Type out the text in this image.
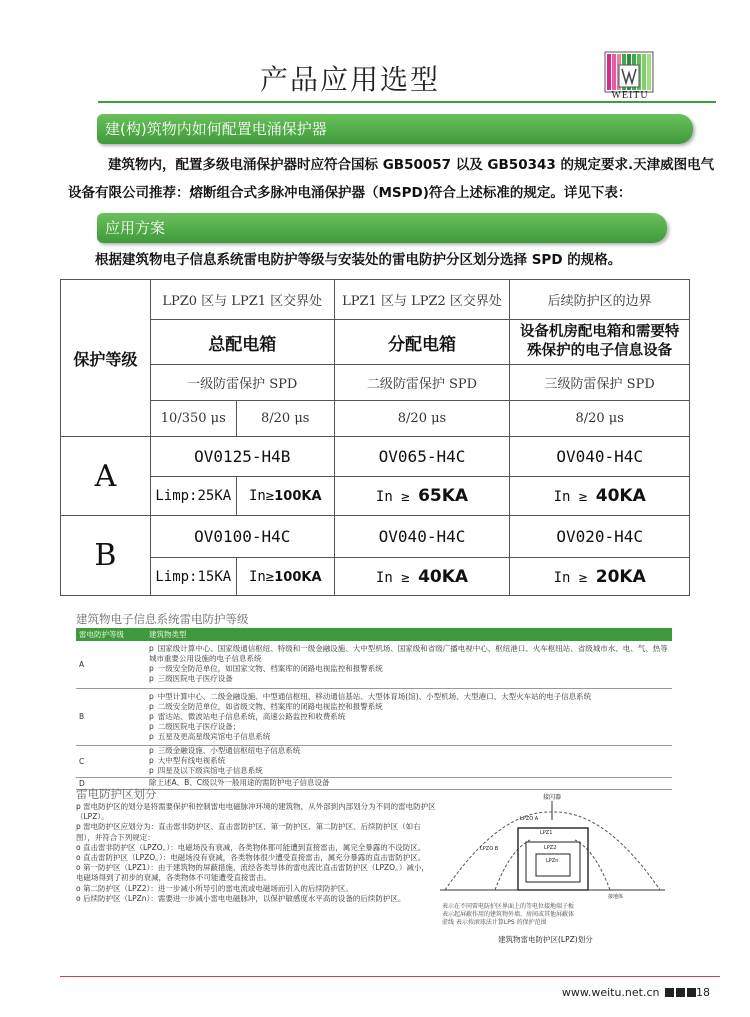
产品应用选型	WEITU
建(构)筑物内如何配置电涌保护器
建筑物内，配置多级电涌保护器时应符合国标 GB50057 以及 GB50343 的规定要求.天津威图电气设备有限公司推荐：熔断组合式多脉冲电涌保护器（MSPD)符合上述标准的规定。详见下表：
应用方案
根据建筑物电子信息系统雷电防护等级与安装处的雷电防护分区划分选择 SPD 的规格。
保护等级	LPZ0 区与 LPZ1 区交界处		LPZ1 区与 LPZ2 区交界处	后续防护区的边界
	总配电箱		分配电箱	设备机房配电箱和需要特殊保护的电子信息设备
	一级防雷保护 SPD		二级防雷保护 SPD	三级防雷保护 SPD
	10/350 μs	8/20 μs	8/20 μs	8/20 μs
A	OV0125-H4B		OV065-H4C	OV040-H4C
	Limp:25KA	In≥100KA	In ≥ 65KA	In ≥ 40KA
B	OV0100-H4C		OV040-H4C	OV020-H4C
	Limp:15KA	In≥100KA	In ≥ 40KA	In ≥ 20KA
建筑物电子信息系统雷电防护等级
雷电防护等级	建筑物类型
A	p 国家级计算中心、国家级通信枢纽、特级和一级金融设施、大中型机场、国家级和省级广播电视中心、枢纽港口、火车枢纽站、省级城市水、电、气、热等城市重要公用设施的电子信息系统
p 一级安全防范单位，如国家文物、档案库的闭路电视监控和报警系统
p 三级医院电子医疗设备

B	p 中型计算中心、二级金融设施、中型通信枢纽、移动通信基站、大型体育场(馆)、小型机场、大型港口、大型火车站的电子信息系统
p 二级安全防范单位，如省级文物、档案库的闭路电视监控和报警系统
p 雷达站、微波站电子信息系统，高速公路监控和收费系统
p 二级医院电子医疗设备；
p 五星及更高星级宾馆电子信息系统

C	p 三级金融设施、小型通信枢纽电子信息系统
p 大中型有线电视系统
p 四星及以下级宾馆电子信息系统

D	除上述A、B、C级以外一般用途的需防护电子信息设备
雷电防护区划分

p 雷电防护区的划分是将需要保护和控制雷电电磁脉冲环境的建筑物，从外部到内部划分为不同的雷电防护区（LPZ）。

p 雷电防护区应划分为：直击雷非防护区、直击雷防护区、第一防护区、第二防护区、后续防护区（如右图），并符合下列规定：

o 直击雷非防护区（LPZO。）：电磁场没有衰减，各类物体都可能遭到直接雷击，属完全暴露的不设防区。

o 直击雷防护区（LPZO。）：电磁场没有衰减，各类物体很少遭受直接雷击，属充分暴露的直击雷防护区。

o 第一防护区（LPZ1）：由于建筑物的屏蔽措施、流经各类导体的雷电流比直击雷防护区（LPZO。）减小，电磁场得到了初步的衰减，各类物体不可能遭受直接雷击。

o 第二防护区（LPZ2）：进一步减小所导引的雷电流或电磁场而引入的后续防护区。

o 后续防护区（LPZn）：需要进一步减小雷电电磁脉冲，以保护敏感度水平高的设备的后续防护区。

接闪器
LPZ1
LPZ2
LPZn
LPZO A
LPZO B
接地体
表示在不同雷电防护区界面上的等电位接地端子板
表示起屏蔽作用的建筑物外墙、房间或其他屏蔽体
虚线 表示按滚球法计算LPS 的保护范围
建筑物雷电防护区(LPZ)划分
www.weitu.net.cn	18
